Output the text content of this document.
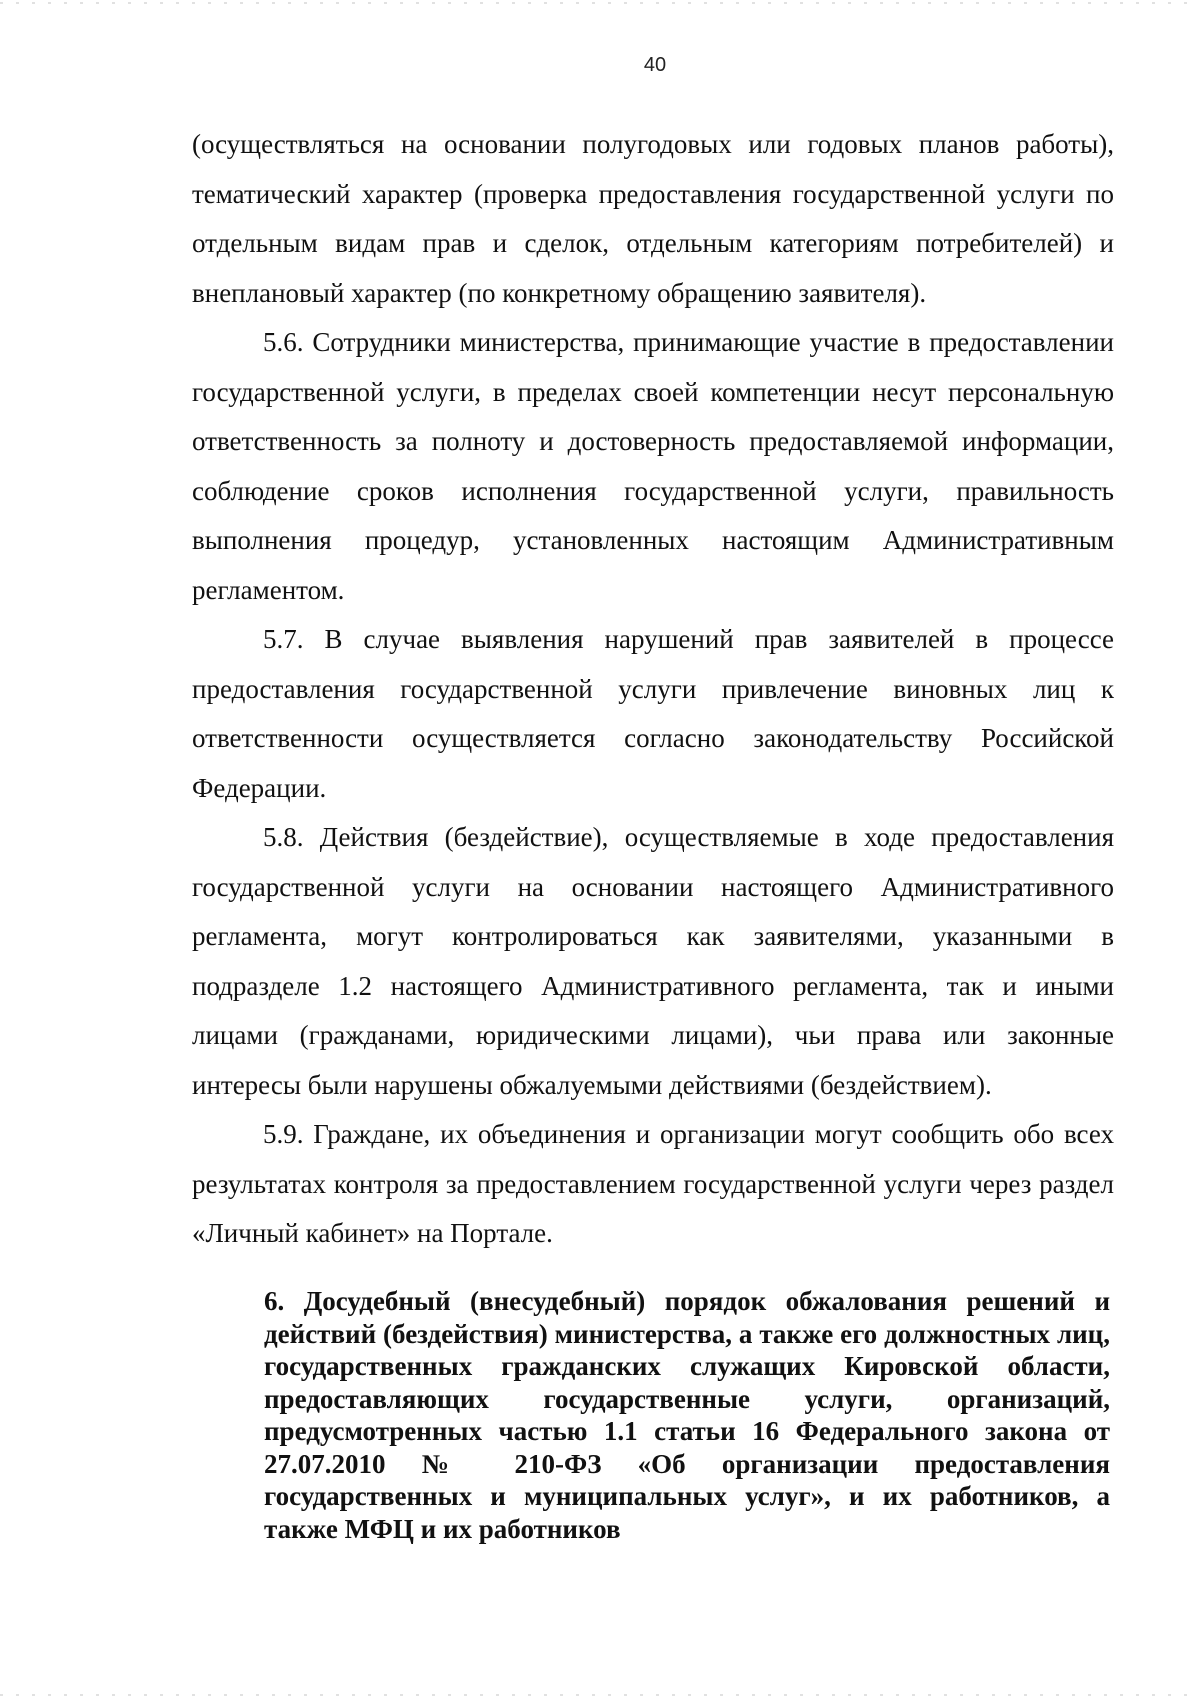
40

(осуществляться на основании полугодовых или годовых планов работы), тематический характер (проверка предоставления государственной услуги по отдельным видам прав и сделок, отдельным категориям потребителей) и внеплановый характер (по конкретному обращению заявителя).

5.6. Сотрудники министерства, принимающие участие в предоставлении государственной услуги, в пределах своей компетенции несут персональную ответственность за полноту и достоверность предоставляемой информации, соблюдение сроков исполнения государственной услуги, правильность выполнения процедур, установленных настоящим Административным регламентом.

5.7. В случае выявления нарушений прав заявителей в процессе предоставления государственной услуги привлечение виновных лиц к ответственности осуществляется согласно законодательству Российской Федерации.

5.8. Действия (бездействие), осуществляемые в ходе предоставления государственной услуги на основании настоящего Административного регламента, могут контролироваться как заявителями, указанными в подразделе 1.2 настоящего Административного регламента, так и иными лицами (гражданами, юридическими лицами), чьи права или законные интересы были нарушены обжалуемыми действиями (бездействием).

5.9. Граждане, их объединения и организации могут сообщить обо всех результатах контроля за предоставлением государственной услуги через раздел «Личный кабинет» на Портале.

6. Досудебный (внесудебный) порядок обжалования решений и действий (бездействия) министерства, а также его должностных лиц, государственных гражданских служащих Кировской области, предоставляющих государственные услуги, организаций, предусмотренных частью 1.1 статьи 16 Федерального закона от 27.07.2010 № 210-ФЗ «Об организации предоставления государственных и муниципальных услуг», и их работников, а также МФЦ и их работников
